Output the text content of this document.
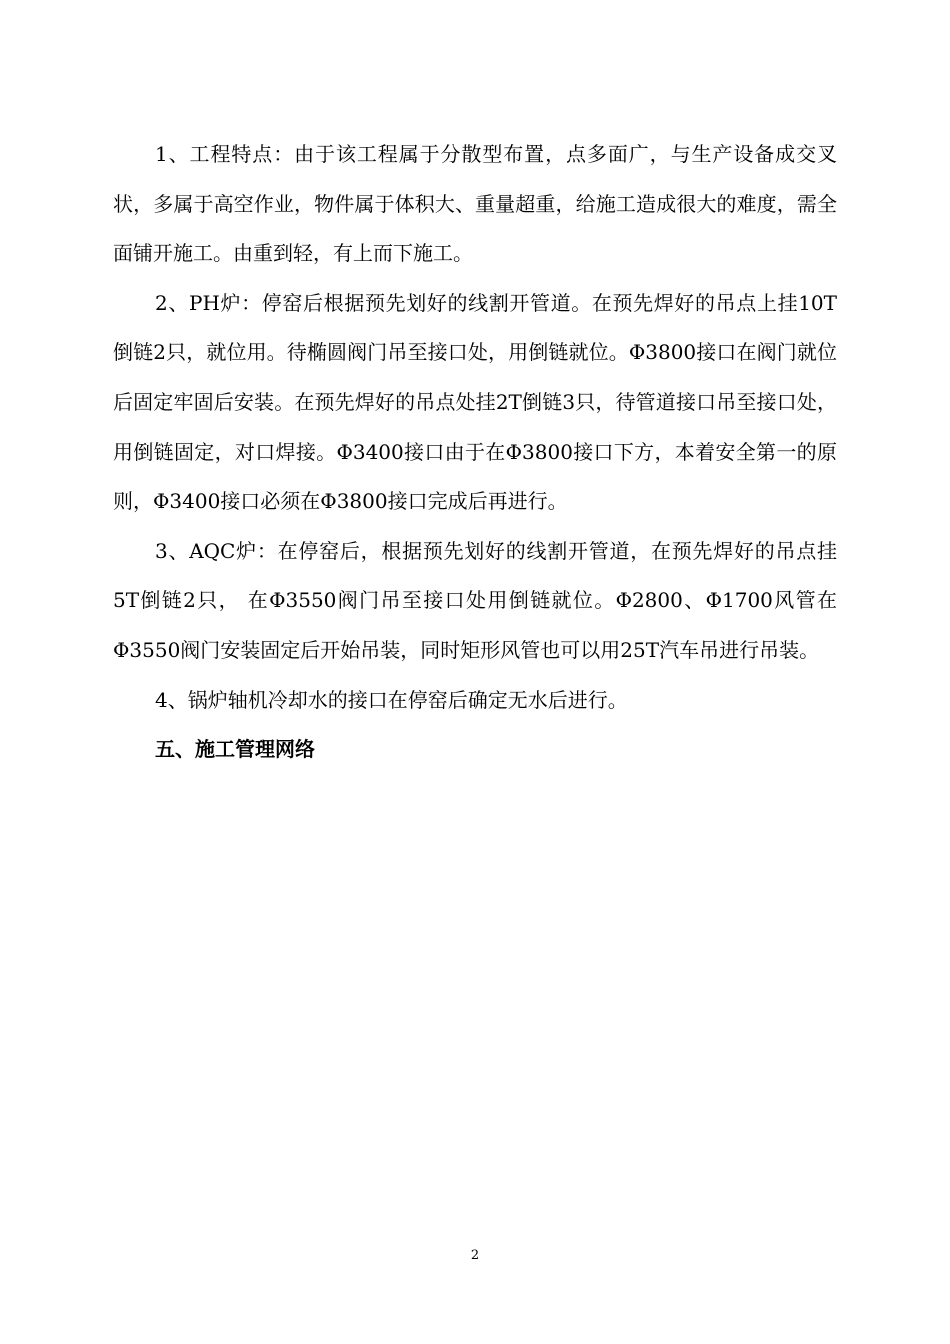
1、工程特点：由于该工程属于分散型布置，点多面广，与生产设备成交叉状，多属于高空作业，物件属于体积大、重量超重，给施工造成很大的难度，需全面铺开施工。由重到轻，有上而下施工。

2、PH炉：停窑后根据预先划好的线割开管道。在预先焊好的吊点上挂10T倒链2只，就位用。待椭圆阀门吊至接口处，用倒链就位。Φ3800接口在阀门就位后固定牢固后安装。在预先焊好的吊点处挂2T倒链3只，待管道接口吊至接口处，用倒链固定，对口焊接。Φ3400接口由于在Φ3800接口下方，本着安全第一的原则，Φ3400接口必须在Φ3800接口完成后再进行。

3、AQC炉：在停窑后，根据预先划好的线割开管道，在预先焊好的吊点挂5T倒链2只， 在Φ3550阀门吊至接口处用倒链就位。Φ2800、Φ1700风管在Φ3550阀门安装固定后开始吊装，同时矩形风管也可以用25T汽车吊进行吊装。

4、锅炉轴机冷却水的接口在停窑后确定无水后进行。

五、施工管理网络

2
